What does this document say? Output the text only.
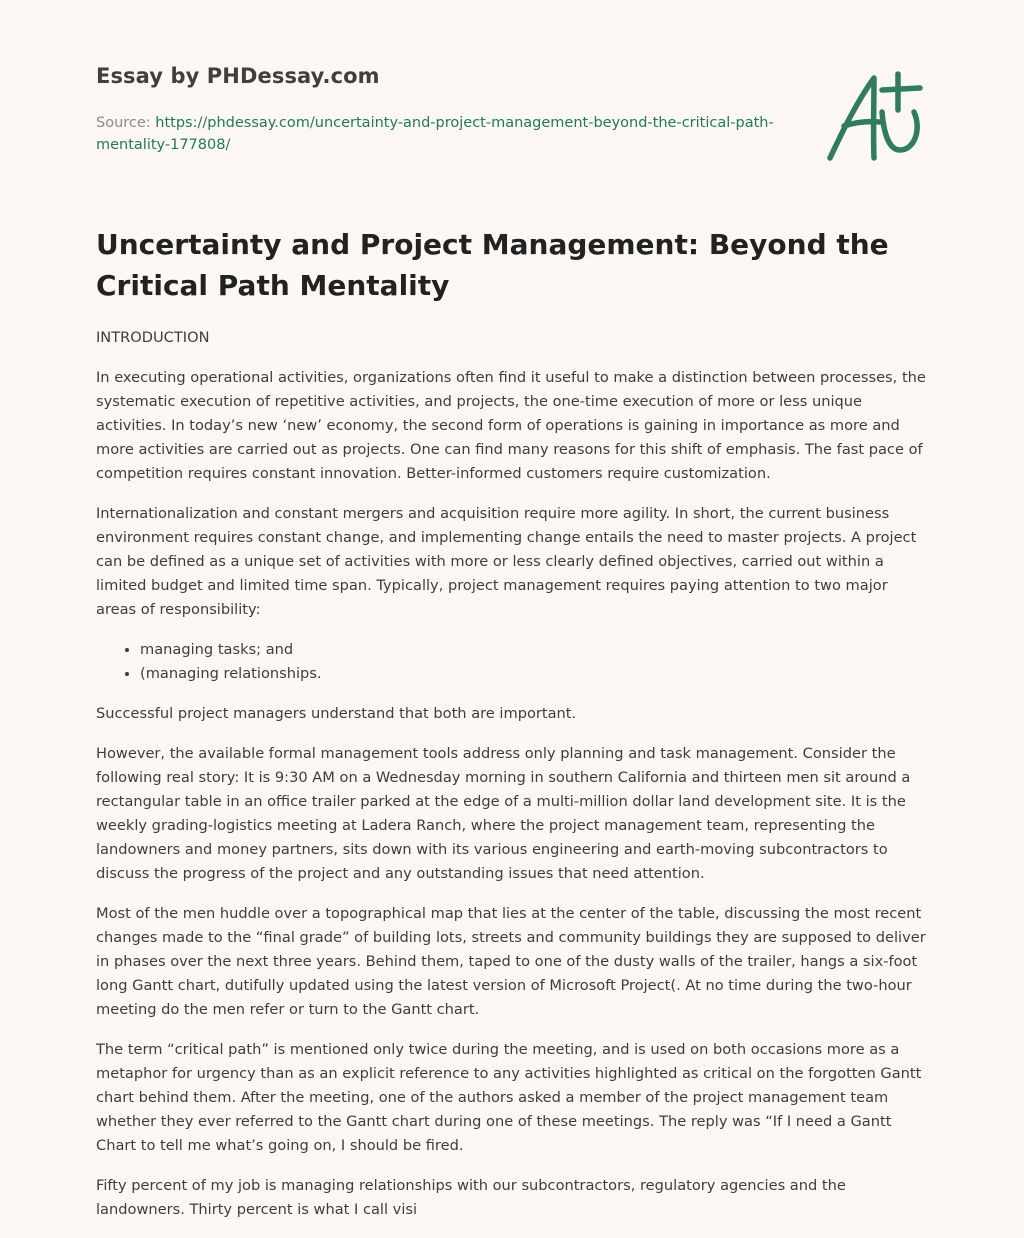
Essay by PHDessay.com
Source: https://phdessay.com/uncertainty-and-project-management-beyond-the-critical-path-mentality-177808/
Uncertainty and Project Management: Beyond the Critical Path Mentality

INTRODUCTION

In executing operational activities, organizations often find it useful to make a distinction between processes, the systematic execution of repetitive activities, and projects, the one-time execution of more or less unique activities. In today’s new ‘new’ economy, the second form of operations is gaining in importance as more and more activities are carried out as projects. One can find many reasons for this shift of emphasis. The fast pace of competition requires constant innovation. Better-informed customers require customization.

Internationalization and constant mergers and acquisition require more agility. In short, the current business environment requires constant change, and implementing change entails the need to master projects. A project can be defined as a unique set of activities with more or less clearly defined objectives, carried out within a limited budget and limited time span. Typically, project management requires paying attention to two major areas of responsibility:

• managing tasks; and
• (managing relationships.

Successful project managers understand that both are important.

However, the available formal management tools address only planning and task management. Consider the following real story: It is 9:30 AM on a Wednesday morning in southern California and thirteen men sit around a rectangular table in an office trailer parked at the edge of a multi-million dollar land development site. It is the weekly grading-logistics meeting at Ladera Ranch, where the project management team, representing the landowners and money partners, sits down with its various engineering and earth-moving subcontractors to discuss the progress of the project and any outstanding issues that need attention.

Most of the men huddle over a topographical map that lies at the center of the table, discussing the most recent changes made to the “final grade” of building lots, streets and community buildings they are supposed to deliver in phases over the next three years. Behind them, taped to one of the dusty walls of the trailer, hangs a six-foot long Gantt chart, dutifully updated using the latest version of Microsoft Project(. At no time during the two-hour meeting do the men refer or turn to the Gantt chart.

The term “critical path” is mentioned only twice during the meeting, and is used on both occasions more as a metaphor for urgency than as an explicit reference to any activities highlighted as critical on the forgotten Gantt chart behind them. After the meeting, one of the authors asked a member of the project management team whether they ever referred to the Gantt chart during one of these meetings. The reply was “If I need a Gantt Chart to tell me what’s going on, I should be fired.

Fifty percent of my job is managing relationships with our subcontractors, regulatory agencies and the landowners. Thirty percent is what I call visi
